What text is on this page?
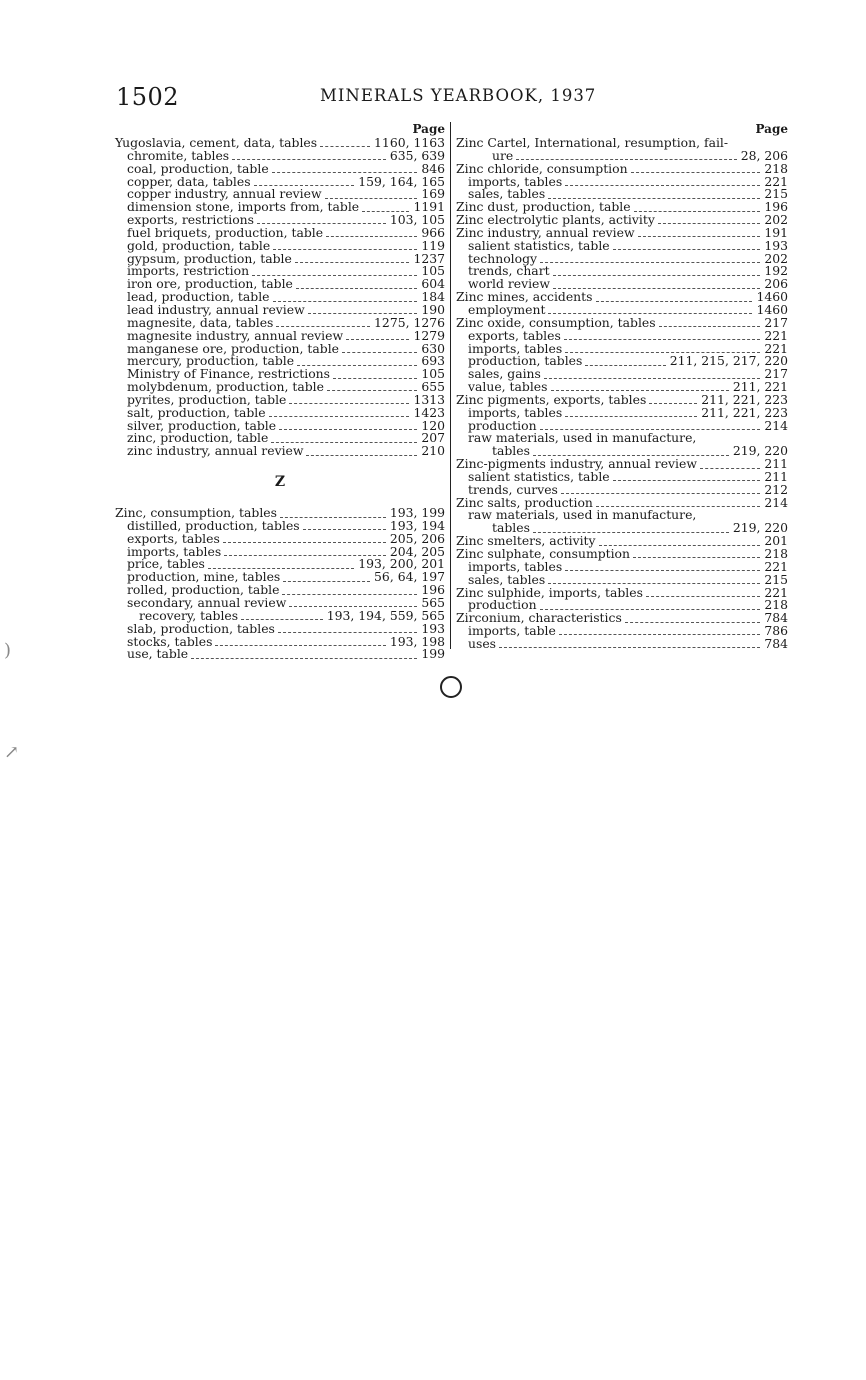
1502	MINERALS YEARBOOK, 1937
Page
Yugoslavia, cement, data, tables	1160, 1163
chromite, tables	635, 639
coal, production, table	846
copper, data, tables	159, 164, 165
copper industry, annual review	169
dimension stone, imports from, table	1191
exports, restrictions	103, 105
fuel briquets, production, table	966
gold, production, table	119
gypsum, production, table	1237
imports, restriction	105
iron ore, production, table	604
lead, production, table	184
lead industry, annual review	190
magnesite, data, tables	1275, 1276
magnesite industry, annual review	1279
manganese ore, production, table	630
mercury, production, table	693
Ministry of Finance, restrictions	105
molybdenum, production, table	655
pyrites, production, table	1313
salt, production, table	1423
silver, production, table	120
zinc, production, table	207
zinc industry, annual review	210
Z
Zinc, consumption, tables	193, 199
distilled, production, tables	193, 194
exports, tables	205, 206
imports, tables	204, 205
price, tables	193, 200, 201
production, mine, tables	56, 64, 197
rolled, production, table	196
secondary, annual review	565
recovery, tables	193, 194, 559, 565
slab, production, tables	193
stocks, tables	193, 198
use, table	199
Page
Zinc Cartel, International, resumption, fail-
ure	28, 206
Zinc chloride, consumption	218
imports, tables	221
sales, tables	215
Zinc dust, production, table	196
Zinc electrolytic plants, activity	202
Zinc industry, annual review	191
salient statistics, table	193
technology	202
trends, chart	192
world review	206
Zinc mines, accidents	1460
employment	1460
Zinc oxide, consumption, tables	217
exports, tables	221
imports, tables	221
production, tables	211, 215, 217, 220
sales, gains	217
value, tables	211, 221
Zinc pigments, exports, tables	211, 221, 223
imports, tables	211, 221, 223
production	214
raw materials, used in manufacture,
tables	219, 220
Zinc-pigments industry, annual review	211
salient statistics, table	211
trends, curves	212
Zinc salts, production	214
raw materials, used in manufacture,
tables	219, 220
Zinc smelters, activity	201
Zinc sulphate, consumption	218
imports, tables	221
sales, tables	215
Zinc sulphide, imports, tables	221
production	218
Zirconium, characteristics	784
imports, table	786
uses	784
)
↗
